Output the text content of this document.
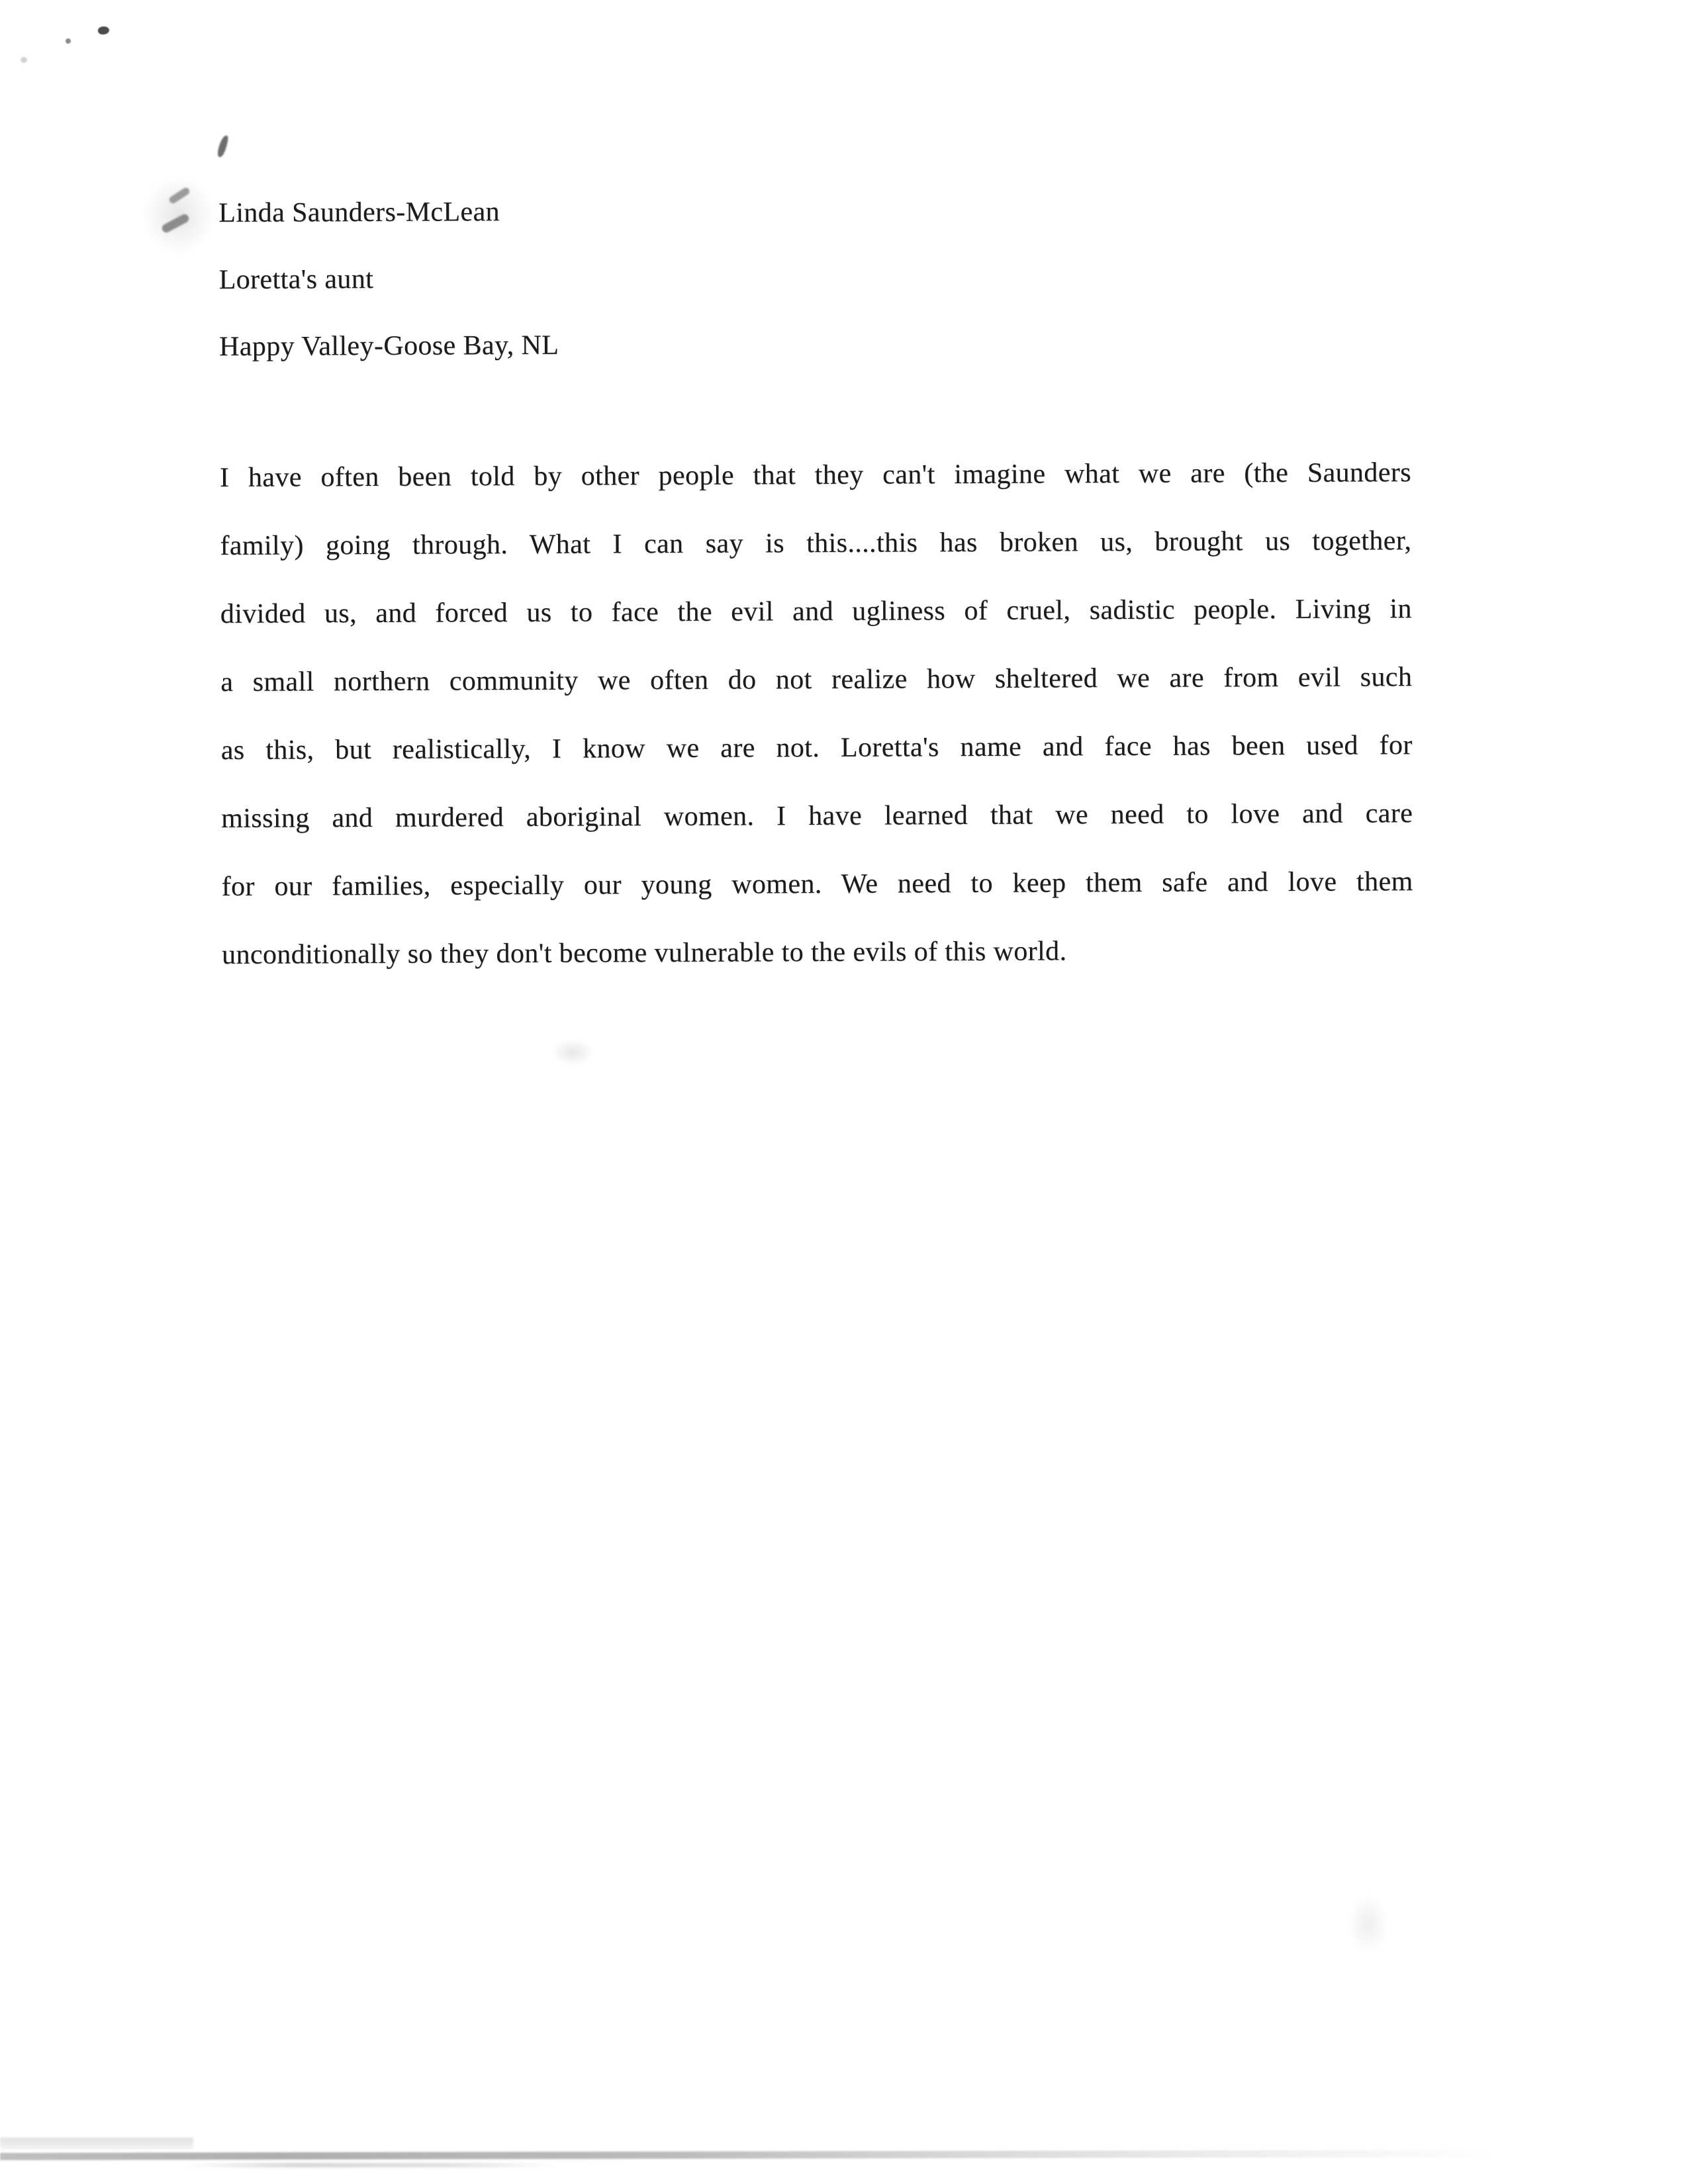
Linda Saunders-McLean
Loretta's aunt
Happy Valley-Goose Bay, NL
I have often been told by other people that they can't imagine what we are (the Saunders
family) going through. What I can say is this....this has broken us, brought us together,
divided us, and forced us to face the evil and ugliness of cruel, sadistic people. Living in
a small northern community we often do not realize how sheltered we are from evil such
as this, but realistically, I know we are not. Loretta's name and face has been used for
missing and murdered aboriginal women. I have learned that we need to love and care
for our families, especially our young women. We need to keep them safe and love them
unconditionally so they don't become vulnerable to the evils of this world.
